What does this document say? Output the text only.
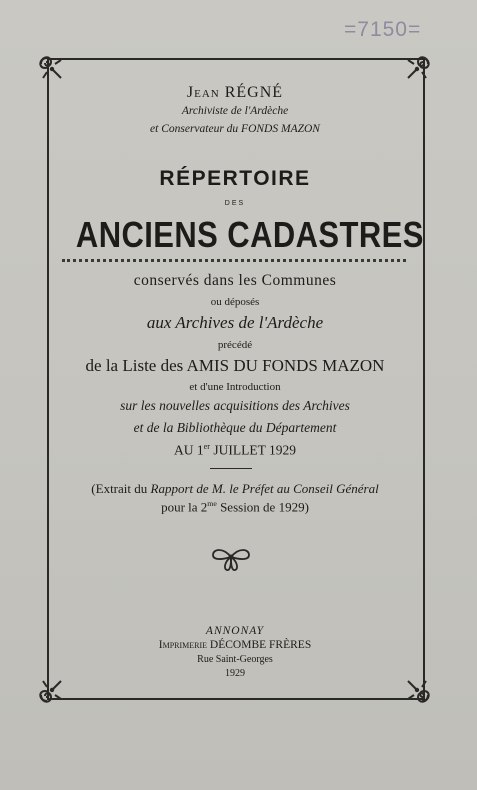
=7150=
Jean RÉGNÉ
Archiviste de l'Ardèche
et Conservateur du FONDS MAZON
RÉPERTOIRE
DES
ANCIENS CADASTRES
conservés dans les Communes
ou déposés
aux Archives de l'Ardèche
précédé
de la Liste des AMIS DU FONDS MAZON
et d'une Introduction
sur les nouvelles acquisitions des Archives
et de la Bibliothèque du Département
AU 1er JUILLET 1929
(Extrait du Rapport de M. le Préfet au Conseil Général
pour la $2^{me}$ Session de 1929)
ANNONAY
Imprimerie DÉCOMBE FRÈRES
Rue Saint-Georges
1929
